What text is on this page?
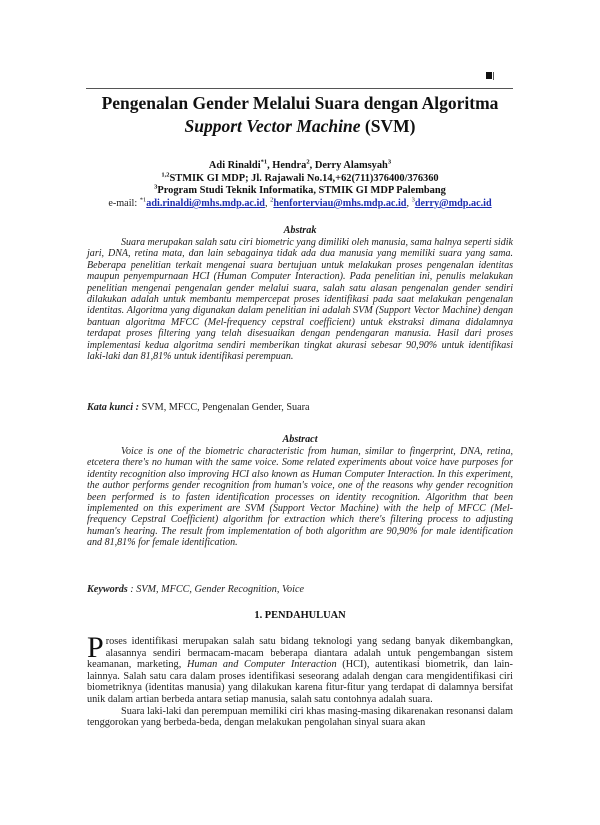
Pengenalan Gender Melalui Suara dengan Algoritma
Support Vector Machine (SVM)
Adi Rinaldi$^{*1}$, Hendra$^2$, Derry Alamsyah$^3$
$^{1,2}$STMIK GI MDP; Jl. Rajawali No.14,+62(711)376400/376360
$^3$Program Studi Teknik Informatika, STMIK GI MDP Palembang
e-mail: $^{*1}$adi.rinaldi@mhs.mdp.ac.id, $^2$henforterviau@mhs.mdp.ac.id, $^3$derry@mdp.ac.id
Abstrak
Suara merupakan salah satu ciri biometric yang dimiliki oleh manusia, sama halnya seperti sidik jari, DNA, retina mata, dan lain sebagainya tidak ada dua manusia yang memiliki suara yang sama. Beberapa penelitian terkait mengenai suara bertujuan untuk melakukan proses pengenalan identitas maupun penyempurnaan HCI (Human Computer Interaction). Pada penelitian ini, penulis melakukan penelitian mengenai pengenalan gender melalui suara, salah satu alasan pengenalan gender sendiri dilakukan adalah untuk membantu mempercepat proses identifikasi pada saat melakukan pengenalan identitas. Algoritma yang digunakan dalam penelitian ini adalah SVM (Support Vector Machine) dengan bantuan algoritma MFCC (Mel-frequency cepstral coefficient) untuk ekstraksi dimana didalamnya terdapat proses filtering yang telah disesuaikan dengan pendengaran manusia. Hasil dari proses implementasi kedua algoritma sendiri memberikan tingkat akurasi sebesar 90,90% untuk identifikasi laki-laki dan 81,81% untuk identifikasi perempuan.
Kata kunci : SVM, MFCC, Pengenalan Gender, Suara
Abstract
Voice is one of the biometric characteristic from human, similar to fingerprint, DNA, retina, etcetera there's no human with the same voice. Some related experiments about voice have purposes for identity recognition also improving HCI also known as Human Computer Interaction. In this experiment, the author performs gender recognition from human's voice, one of the reasons why gender recognition been performed is to fasten identification processes on identity recognition. Algorithm that been implemented on this experiment are SVM (Support Vector Machine) with the help of MFCC (Mel-frequency Cepstral Coefficient) algorithm for extraction which there's filtering process to adjusting human's hearing. The result from implementation of both algorithm are 90,90% for male identification and 81,81% for female identification.
Keywords : SVM, MFCC, Gender Recognition, Voice
1. PENDAHULUAN

Proses identifikasi merupakan salah satu bidang teknologi yang sedang banyak dikembangkan, alasannya sendiri bermacam-macam beberapa diantara adalah untuk pengembangan sistem keamanan, marketing, Human and Computer Interaction (HCI), autentikasi biometrik, dan lain-lainnya. Salah satu cara dalam proses identifikasi seseorang adalah dengan cara mengidentifikasi ciri biometriknya (identitas manusia) yang dilakukan karena fitur-fitur yang terdapat di dalamnya bersifat unik dalam artian berbeda antara setiap manusia, salah satu contohnya adalah suara.

Suara laki-laki dan perempuan memiliki ciri khas masing-masing dikarenakan resonansi dalam tenggorokan yang berbeda-beda, dengan melakukan pengolahan sinyal suara akan
